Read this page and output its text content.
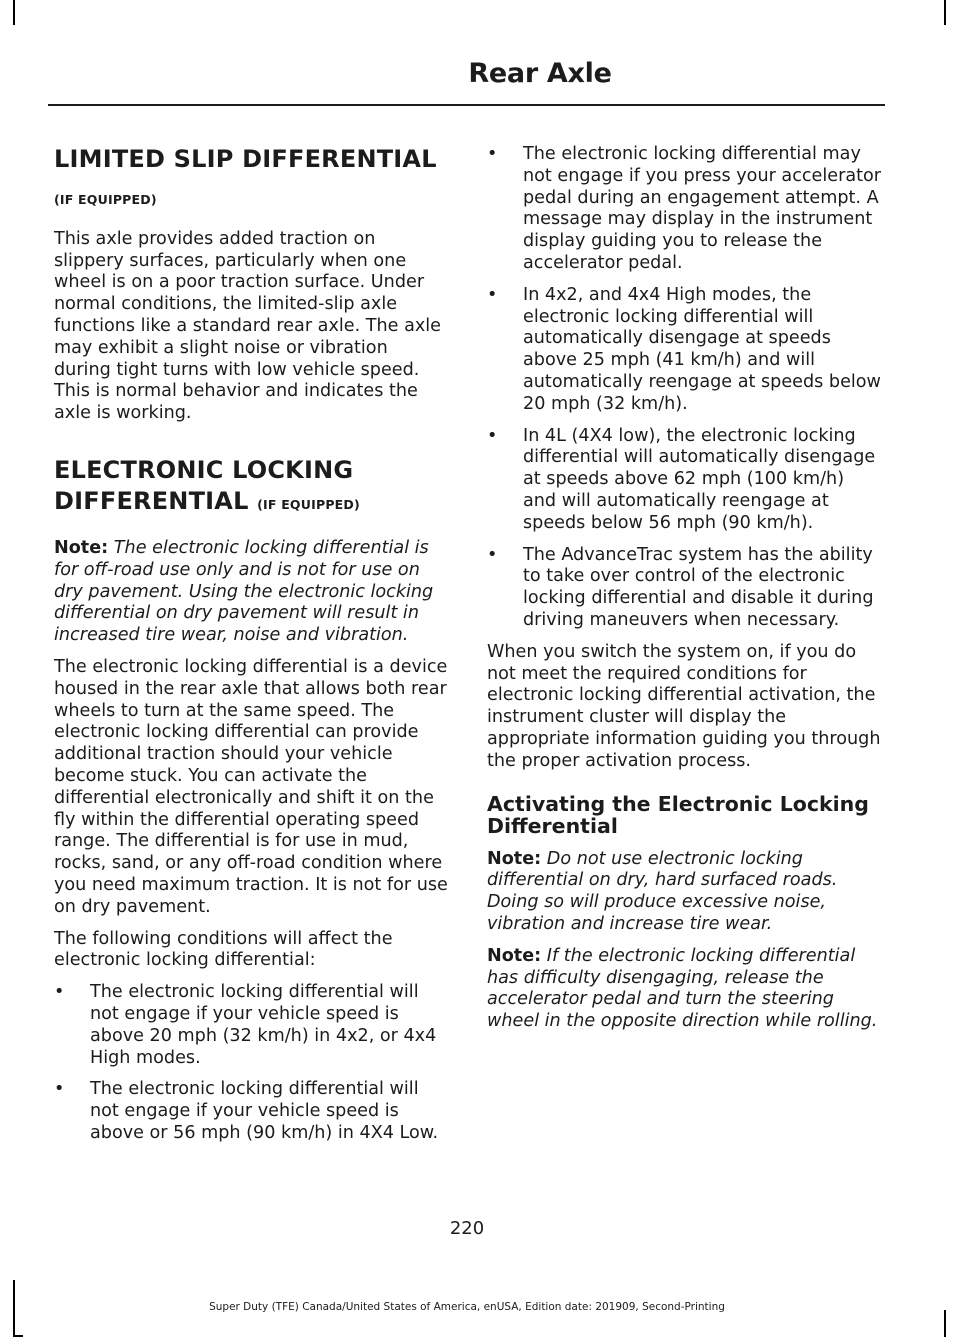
Rear Axle
LIMITED SLIP DIFFERENTIAL
(IF EQUIPPED)

This axle provides added traction on slippery surfaces, particularly when one wheel is on a poor traction surface. Under normal conditions, the limited-slip axle functions like a standard rear axle. The axle may exhibit a slight noise or vibration during tight turns with low vehicle speed. This is normal behavior and indicates the axle is working.

ELECTRONIC LOCKING
DIFFERENTIAL (IF EQUIPPED)

Note: The electronic locking differential is for off-road use only and is not for use on dry pavement. Using the electronic locking differential on dry pavement will result in increased tire wear, noise and vibration.

The electronic locking differential is a device housed in the rear axle that allows both rear wheels to turn at the same speed. The electronic locking differential can provide additional traction should your vehicle become stuck. You can activate the differential electronically and shift it on the fly within the differential operating speed range. The differential is for use in mud, rocks, sand, or any off-road condition where you need maximum traction. It is not for use on dry pavement.

The following conditions will affect the electronic locking differential:

• The electronic locking differential will not engage if your vehicle speed is above 20 mph (32 km/h) in 4x2, or 4x4 High modes.
• The electronic locking differential will not engage if your vehicle speed is above or 56 mph (90 km/h) in 4X4 Low.
• The electronic locking differential may not engage if you press your accelerator pedal during an engagement attempt. A message may display in the instrument display guiding you to release the accelerator pedal.
• In 4x2, and 4x4 High modes, the electronic locking differential will automatically disengage at speeds above 25 mph (41 km/h) and will automatically reengage at speeds below 20 mph (32 km/h).
• In 4L (4X4 low), the electronic locking differential will automatically disengage at speeds above 62 mph (100 km/h) and will automatically reengage at speeds below 56 mph (90 km/h).
• The AdvanceTrac system has the ability to take over control of the electronic locking differential and disable it during driving maneuvers when necessary.

When you switch the system on, if you do not meet the required conditions for electronic locking differential activation, the instrument cluster will display the appropriate information guiding you through the proper activation process.

Activating the Electronic Locking Differential

Note: Do not use electronic locking differential on dry, hard surfaced roads. Doing so will produce excessive noise, vibration and increase tire wear.

Note: If the electronic locking differential has difficulty disengaging, release the accelerator pedal and turn the steering wheel in the opposite direction while rolling.

220
Super Duty (TFE) Canada/United States of America, enUSA, Edition date: 201909, Second-Printing
